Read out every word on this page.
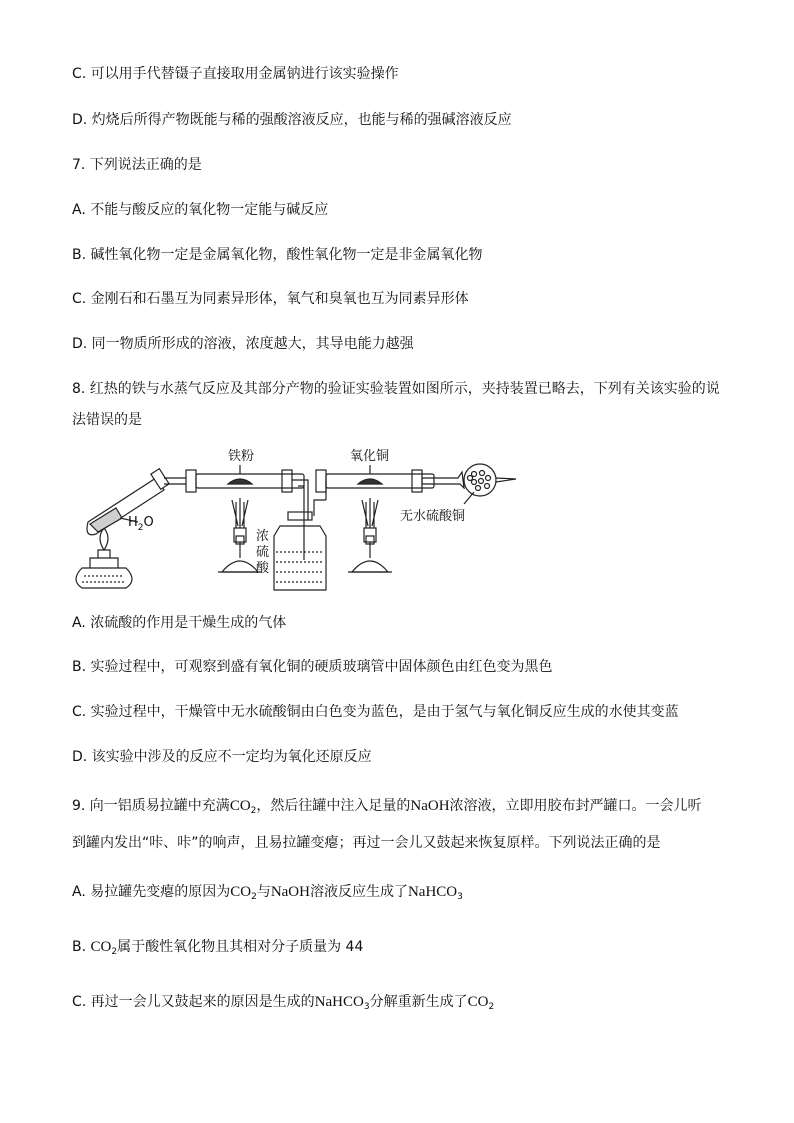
C. 可以用手代替镊子直接取用金属钠进行该实验操作
D. 灼烧后所得产物既能与稀的强酸溶液反应，也能与稀的强碱溶液反应
7. 下列说法正确的是
A. 不能与酸反应的氧化物一定能与碱反应
B. 碱性氧化物一定是金属氧化物，酸性氧化物一定是非金属氧化物
C. 金刚石和石墨互为同素异形体，氧气和臭氧也互为同素异形体
D. 同一物质所形成的溶液，浓度越大，其导电能力越强
8. 红热的铁与水蒸气反应及其部分产物的验证实验装置如图所示，夹持装置已略去，下列有关该实验的说
法错误的是
铁粉	氧化铜
无水硫酸铜
$H_2O$
浓
硫
酸
A. 浓硫酸的作用是干燥生成的气体
B. 实验过程中，可观察到盛有氧化铜的硬质玻璃管中固体颜色由红色变为黑色
C. 实验过程中，干燥管中无水硫酸铜由白色变为蓝色，是由于氢气与氧化铜反应生成的水使其变蓝
D. 该实验中涉及的反应不一定均为氧化还原反应
9. 向一铝质易拉罐中充满$CO_2$，然后往罐中注入足量的NaOH浓溶液，立即用胶布封严罐口。一会儿听
到罐内发出“咔、咔”的响声，且易拉罐变瘪；再过一会儿又鼓起来恢复原样。下列说法正确的是
A. 易拉罐先变瘪的原因为$CO_2$与NaOH溶液反应生成了NaHCO$_3$
B. $CO_2$属于酸性氧化物且其相对分子质量为 44
C. 再过一会儿又鼓起来的原因是生成的NaHCO$_3$分解重新生成了$CO_2$
